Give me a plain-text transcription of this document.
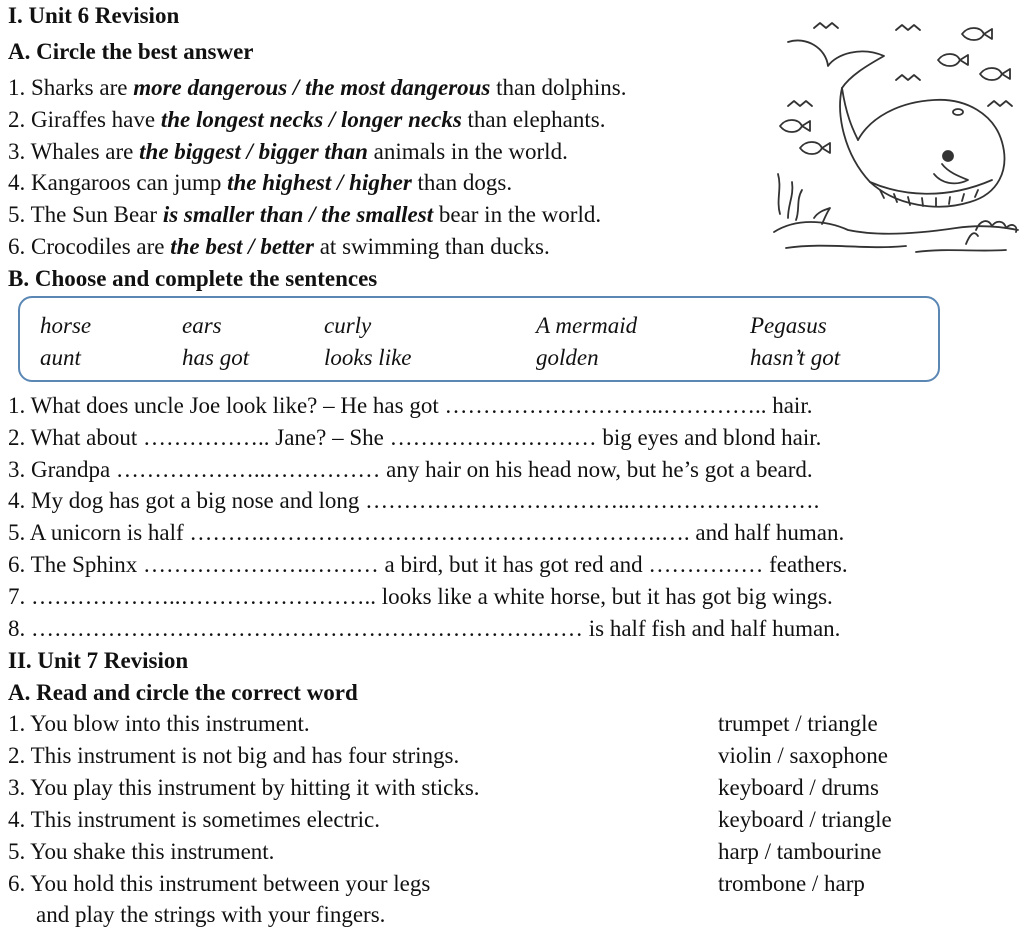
I. Unit 6 Revision
A. Circle the best answer
1. Sharks are more dangerous / the most dangerous than dolphins.
2. Giraffes have the longest necks / longer necks than elephants.
3. Whales are the biggest / bigger than animals in the world.
4. Kangaroos can jump the highest / higher than dogs.
5. The Sun Bear is smaller than / the smallest bear in the world.
6. Crocodiles are the best / better at swimming than ducks.
B. Choose and complete the sentences
horse	ears	curly	A mermaid	Pegasus
aunt	has got	looks like	golden	hasn’t got
1. What does uncle Joe look like? – He has got ………………………..………….. hair.
2. What about …………….. Jane? – She ……………………… big eyes and blond hair.
3. Grandpa ………………..…………… any hair on his head now, but he’s got a beard.
4. My dog has got a big nose and long ……………………………..…………………….
5. A unicorn is half ……….…………………………………………….…. and half human.
6. The Sphinx ………………….……… a bird, but it has got red and …………… feathers.
7. ………………..…………………….. looks like a white horse, but it has got big wings.
8. ……………………………………………………………… is half fish and half human.
II. Unit 7 Revision
A. Read and circle the correct word
1. You blow into this instrument.	trumpet / triangle
2. This instrument is not big and has four strings.	violin / saxophone
3. You play this instrument by hitting it with sticks.	keyboard / drums
4. This instrument is sometimes electric.	keyboard / triangle
5. You shake this instrument.	harp / tambourine
6. You hold this instrument between your legs	trombone / harp
and play the strings with your fingers.
